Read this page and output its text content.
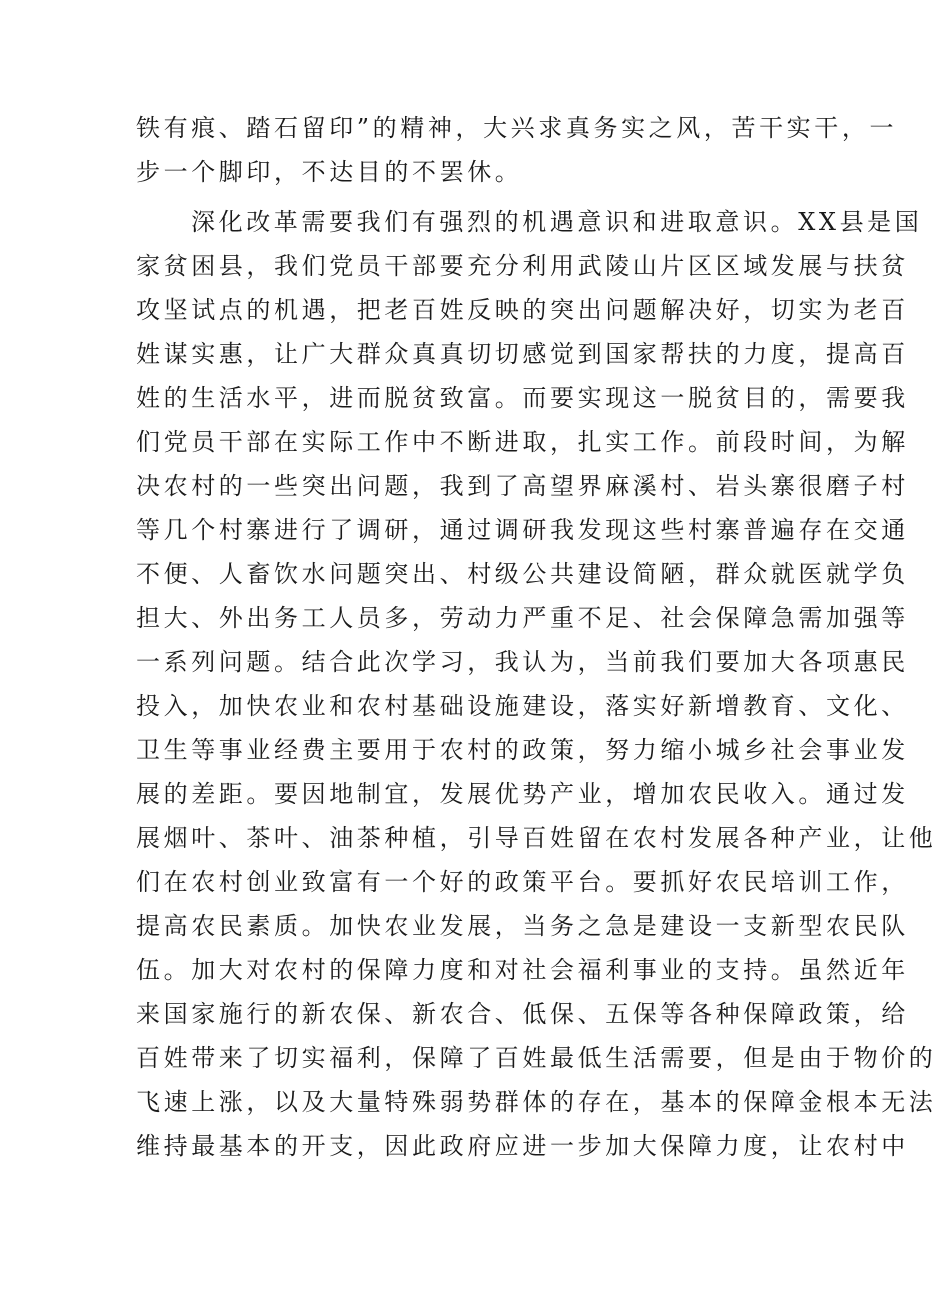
铁有痕、踏石留印”的精神，大兴求真务实之风，苦干实干，一
步一个脚印，不达目的不罢休。
深化改革需要我们有强烈的机遇意识和进取意识。XX县是国
家贫困县，我们党员干部要充分利用武陵山片区区域发展与扶贫
攻坚试点的机遇，把老百姓反映的突出问题解决好，切实为老百
姓谋实惠，让广大群众真真切切感觉到国家帮扶的力度，提高百
姓的生活水平，进而脱贫致富。而要实现这一脱贫目的，需要我
们党员干部在实际工作中不断进取，扎实工作。前段时间，为解
决农村的一些突出问题，我到了高望界麻溪村、岩头寨很磨子村
等几个村寨进行了调研，通过调研我发现这些村寨普遍存在交通
不便、人畜饮水问题突出、村级公共建设简陋，群众就医就学负
担大、外出务工人员多，劳动力严重不足、社会保障急需加强等
一系列问题。结合此次学习，我认为，当前我们要加大各项惠民
投入，加快农业和农村基础设施建设，落实好新增教育、文化、
卫生等事业经费主要用于农村的政策，努力缩小城乡社会事业发
展的差距。要因地制宜，发展优势产业，增加农民收入。通过发
展烟叶、茶叶、油茶种植，引导百姓留在农村发展各种产业，让他
们在农村创业致富有一个好的政策平台。要抓好农民培训工作，
提高农民素质。加快农业发展，当务之急是建设一支新型农民队
伍。加大对农村的保障力度和对社会福利事业的支持。虽然近年
来国家施行的新农保、新农合、低保、五保等各种保障政策，给
百姓带来了切实福利，保障了百姓最低生活需要，但是由于物价的
飞速上涨，以及大量特殊弱势群体的存在，基本的保障金根本无法
维持最基本的开支，因此政府应进一步加大保障力度，让农村中
